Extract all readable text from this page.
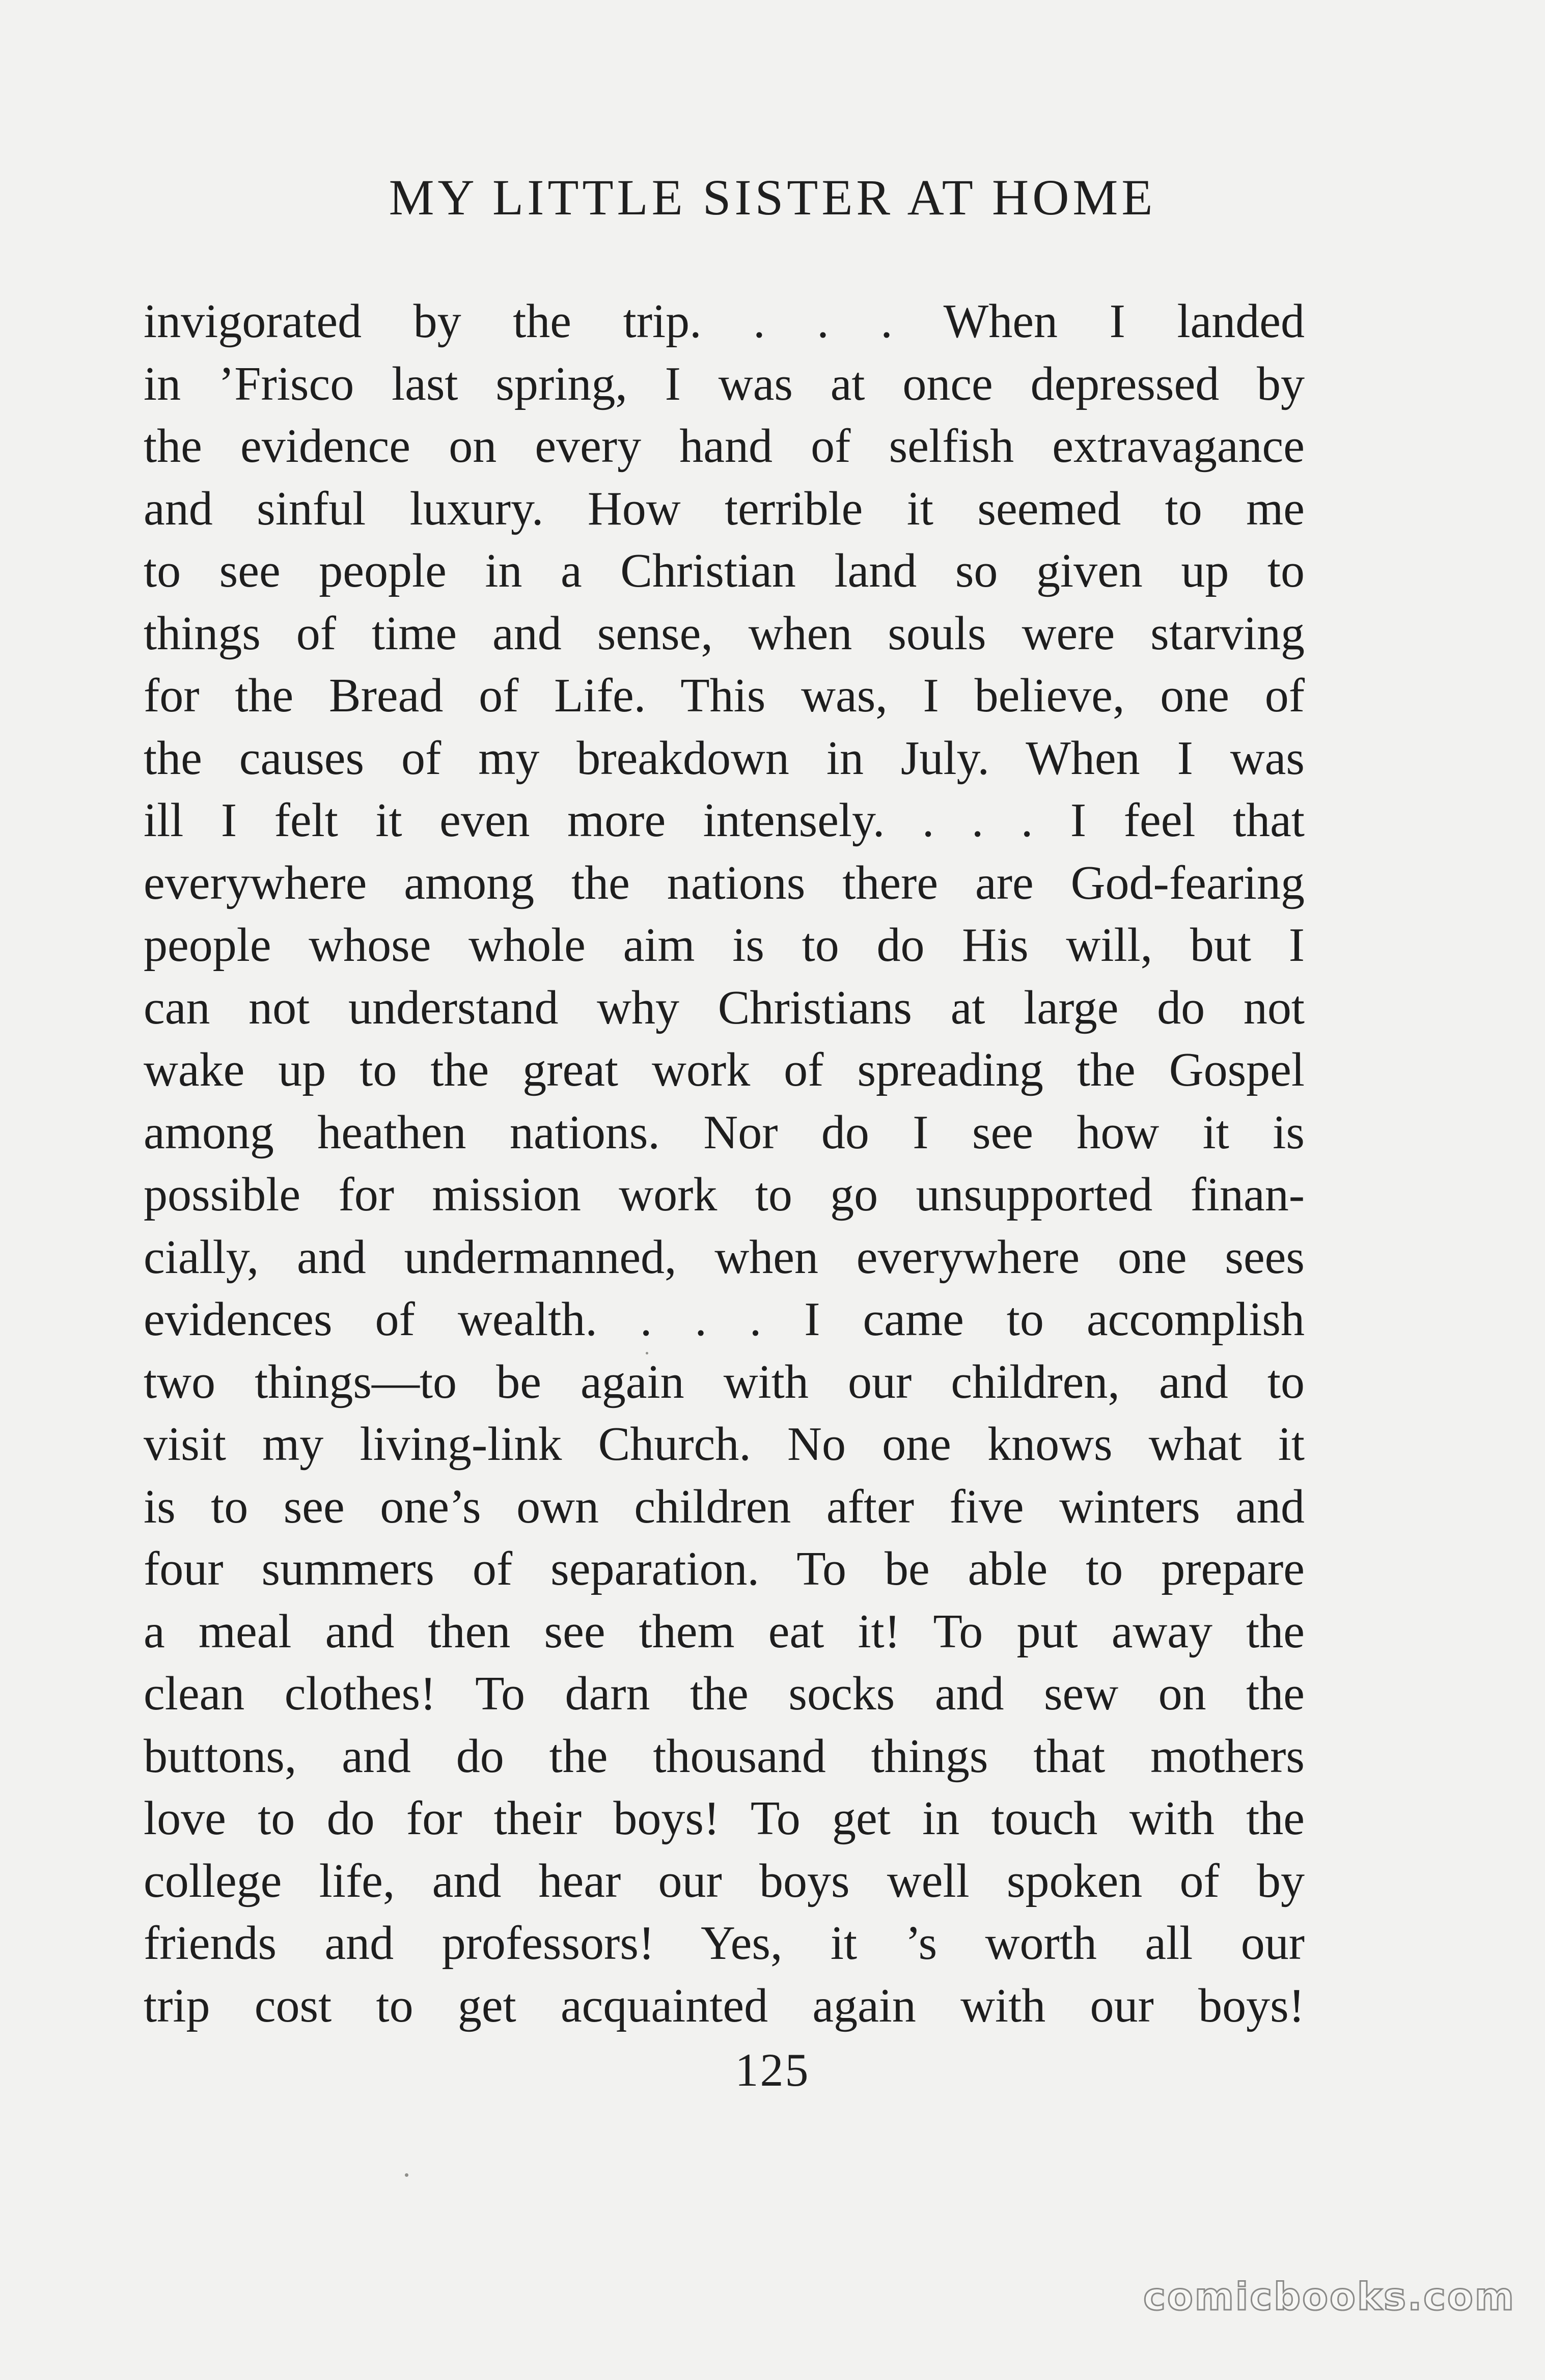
MY LITTLE SISTER AT HOME
invigorated by the trip. . . . When I landed
in ’Frisco last spring, I was at once depressed by
the evidence on every hand of selfish extravagance
and sinful luxury. How terrible it seemed to me
to see people in a Christian land so given up to
things of time and sense, when souls were starving
for the Bread of Life. This was, I believe, one of
the causes of my breakdown in July. When I was
ill I felt it even more intensely. . . . I feel that
everywhere among the nations there are God-fearing
people whose whole aim is to do His will, but I
can not understand why Christians at large do not
wake up to the great work of spreading the Gospel
among heathen nations. Nor do I see how it is
possible for mission work to go unsupported finan-
cially, and undermanned, when everywhere one sees
evidences of wealth. . . . I came to accomplish
two things—to be again with our children, and to
visit my living-link Church. No one knows what it
is to see one’s own children after five winters and
four summers of separation. To be able to prepare
a meal and then see them eat it! To put away the
clean clothes! To darn the socks and sew on the
buttons, and do the thousand things that mothers
love to do for their boys! To get in touch with the
college life, and hear our boys well spoken of by
friends and professors! Yes, it ’s worth all our
trip cost to get acquainted again with our boys!
125
comicbooks.com
